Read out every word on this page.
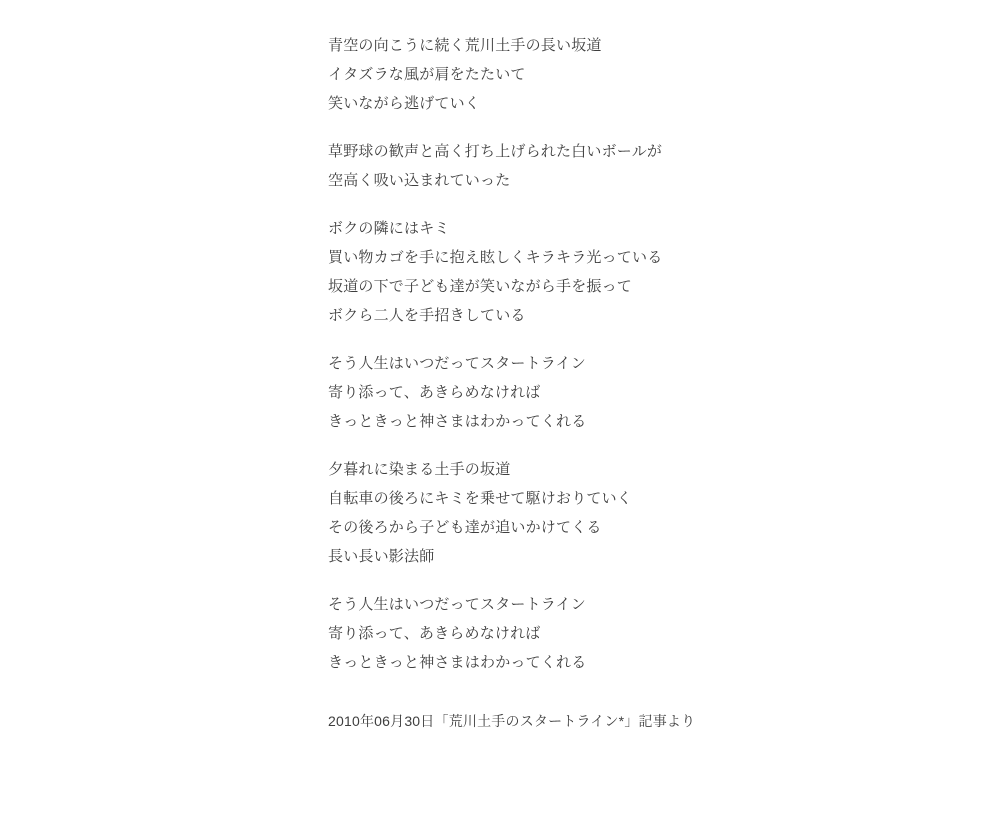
青空の向こうに続く荒川土手の長い坂道

イタズラな風が肩をたたいて

笑いながら逃げていく

草野球の歓声と高く打ち上げられた白いボールが

空高く吸い込まれていった

ボクの隣にはキミ

買い物カゴを手に抱え眩しくキラキラ光っている

坂道の下で子ども達が笑いながら手を振って

ボクら二人を手招きしている

そう人生はいつだってスタートライン

寄り添って、あきらめなければ

きっときっと神さまはわかってくれる

夕暮れに染まる土手の坂道

自転車の後ろにキミを乗せて駆けおりていく

その後ろから子ども達が追いかけてくる

長い長い影法師

そう人生はいつだってスタートライン

寄り添って、あきらめなければ

きっときっと神さまはわかってくれる

2010年06月30日「荒川土手のスタートライン*」記事より
